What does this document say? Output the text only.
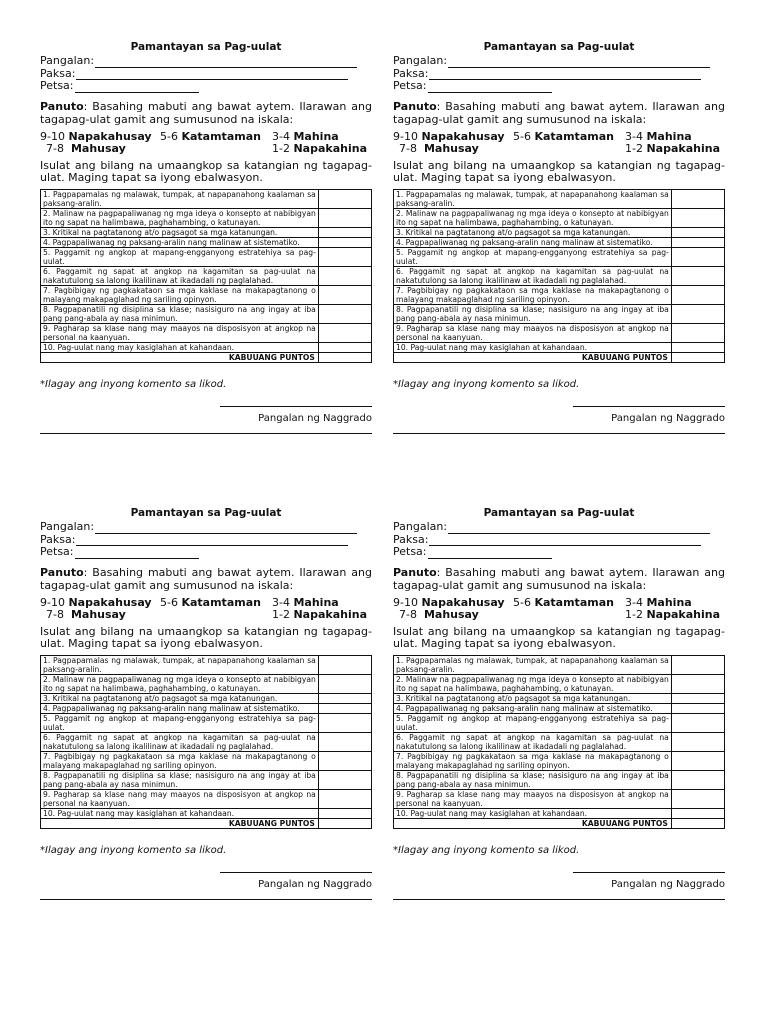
Pamantayan sa Pag-uulat
Pangalan:
Paksa:
Petsa:
Panuto: Basahing mabuti ang bawat aytem. Ilarawan ang tagapag-ulat gamit ang sumusunod na iskala:
9-10 Napakahusay 5-6 Katamtaman 3-4 Mahina
7-8 Mahusay	1-2 Napakahina
Isulat ang bilang na umaangkop sa katangian ng tagapag-ulat. Maging tapat sa iyong ebalwasyon.
1. Pagpapamalas ng malawak, tumpak, at napapanahong kaalaman sa paksang-aralin.	
2. Malinaw na pagpapaliwanag ng mga ideya o konsepto at nabibigyan ito ng sapat na halimbawa, paghahambing, o katunayan.	
3. Kritikal na pagtatanong at/o pagsagot sa mga katanungan.	
4. Pagpapaliwanag ng paksang-aralin nang malinaw at sistematiko.	
5. Paggamit ng angkop at mapang-engganyong estratehiya sa pag-uulat.	
6. Paggamit ng sapat at angkop na kagamitan sa pag-uulat na nakatutulong sa lalong ikalilinaw at ikadadali ng paglalahad.	
7. Pagbibigay ng pagkakataon sa mga kaklase na makapagtanong o malayang makapaglahad ng sariling opinyon.	
8. Pagpapanatili ng disiplina sa klase; nasisiguro na ang ingay at iba pang pang-abala ay nasa minimun.	
9. Pagharap sa klase nang may maayos na disposisyon at angkop na personal na kaanyuan.	
10. Pag-uulat nang may kasiglahan at kahandaan.	
KABUUANG PUNTOS	
*Ilagay ang inyong komento sa likod.
Pangalan ng Naggrado
Pamantayan sa Pag-uulat
Pangalan:
Paksa:
Petsa:
Panuto: Basahing mabuti ang bawat aytem. Ilarawan ang tagapag-ulat gamit ang sumusunod na iskala:
9-10 Napakahusay 5-6 Katamtaman 3-4 Mahina
7-8 Mahusay	1-2 Napakahina
Isulat ang bilang na umaangkop sa katangian ng tagapag-ulat. Maging tapat sa iyong ebalwasyon.
1. Pagpapamalas ng malawak, tumpak, at napapanahong kaalaman sa paksang-aralin.	
2. Malinaw na pagpapaliwanag ng mga ideya o konsepto at nabibigyan ito ng sapat na halimbawa, paghahambing, o katunayan.	
3. Kritikal na pagtatanong at/o pagsagot sa mga katanungan.	
4. Pagpapaliwanag ng paksang-aralin nang malinaw at sistematiko.	
5. Paggamit ng angkop at mapang-engganyong estratehiya sa pag-uulat.	
6. Paggamit ng sapat at angkop na kagamitan sa pag-uulat na nakatutulong sa lalong ikalilinaw at ikadadali ng paglalahad.	
7. Pagbibigay ng pagkakataon sa mga kaklase na makapagtanong o malayang makapaglahad ng sariling opinyon.	
8. Pagpapanatili ng disiplina sa klase; nasisiguro na ang ingay at iba pang pang-abala ay nasa minimun.	
9. Pagharap sa klase nang may maayos na disposisyon at angkop na personal na kaanyuan.	
10. Pag-uulat nang may kasiglahan at kahandaan.	
KABUUANG PUNTOS	
*Ilagay ang inyong komento sa likod.
Pangalan ng Naggrado
Pamantayan sa Pag-uulat
Pangalan:
Paksa:
Petsa:
Panuto: Basahing mabuti ang bawat aytem. Ilarawan ang tagapag-ulat gamit ang sumusunod na iskala:
9-10 Napakahusay 5-6 Katamtaman 3-4 Mahina
7-8 Mahusay	1-2 Napakahina
Isulat ang bilang na umaangkop sa katangian ng tagapag-ulat. Maging tapat sa iyong ebalwasyon.
1. Pagpapamalas ng malawak, tumpak, at napapanahong kaalaman sa paksang-aralin.	
2. Malinaw na pagpapaliwanag ng mga ideya o konsepto at nabibigyan ito ng sapat na halimbawa, paghahambing, o katunayan.	
3. Kritikal na pagtatanong at/o pagsagot sa mga katanungan.	
4. Pagpapaliwanag ng paksang-aralin nang malinaw at sistematiko.	
5. Paggamit ng angkop at mapang-engganyong estratehiya sa pag-uulat.	
6. Paggamit ng sapat at angkop na kagamitan sa pag-uulat na nakatutulong sa lalong ikalilinaw at ikadadali ng paglalahad.	
7. Pagbibigay ng pagkakataon sa mga kaklase na makapagtanong o malayang makapaglahad ng sariling opinyon.	
8. Pagpapanatili ng disiplina sa klase; nasisiguro na ang ingay at iba pang pang-abala ay nasa minimun.	
9. Pagharap sa klase nang may maayos na disposisyon at angkop na personal na kaanyuan.	
10. Pag-uulat nang may kasiglahan at kahandaan.	
KABUUANG PUNTOS	
*Ilagay ang inyong komento sa likod.
Pangalan ng Naggrado
Pamantayan sa Pag-uulat
Pangalan:
Paksa:
Petsa:
Panuto: Basahing mabuti ang bawat aytem. Ilarawan ang tagapag-ulat gamit ang sumusunod na iskala:
9-10 Napakahusay 5-6 Katamtaman 3-4 Mahina
7-8 Mahusay	1-2 Napakahina
Isulat ang bilang na umaangkop sa katangian ng tagapag-ulat. Maging tapat sa iyong ebalwasyon.
1. Pagpapamalas ng malawak, tumpak, at napapanahong kaalaman sa paksang-aralin.	
2. Malinaw na pagpapaliwanag ng mga ideya o konsepto at nabibigyan ito ng sapat na halimbawa, paghahambing, o katunayan.	
3. Kritikal na pagtatanong at/o pagsagot sa mga katanungan.	
4. Pagpapaliwanag ng paksang-aralin nang malinaw at sistematiko.	
5. Paggamit ng angkop at mapang-engganyong estratehiya sa pag-uulat.	
6. Paggamit ng sapat at angkop na kagamitan sa pag-uulat na nakatutulong sa lalong ikalilinaw at ikadadali ng paglalahad.	
7. Pagbibigay ng pagkakataon sa mga kaklase na makapagtanong o malayang makapaglahad ng sariling opinyon.	
8. Pagpapanatili ng disiplina sa klase; nasisiguro na ang ingay at iba pang pang-abala ay nasa minimun.	
9. Pagharap sa klase nang may maayos na disposisyon at angkop na personal na kaanyuan.	
10. Pag-uulat nang may kasiglahan at kahandaan.	
KABUUANG PUNTOS	
*Ilagay ang inyong komento sa likod.
Pangalan ng Naggrado
